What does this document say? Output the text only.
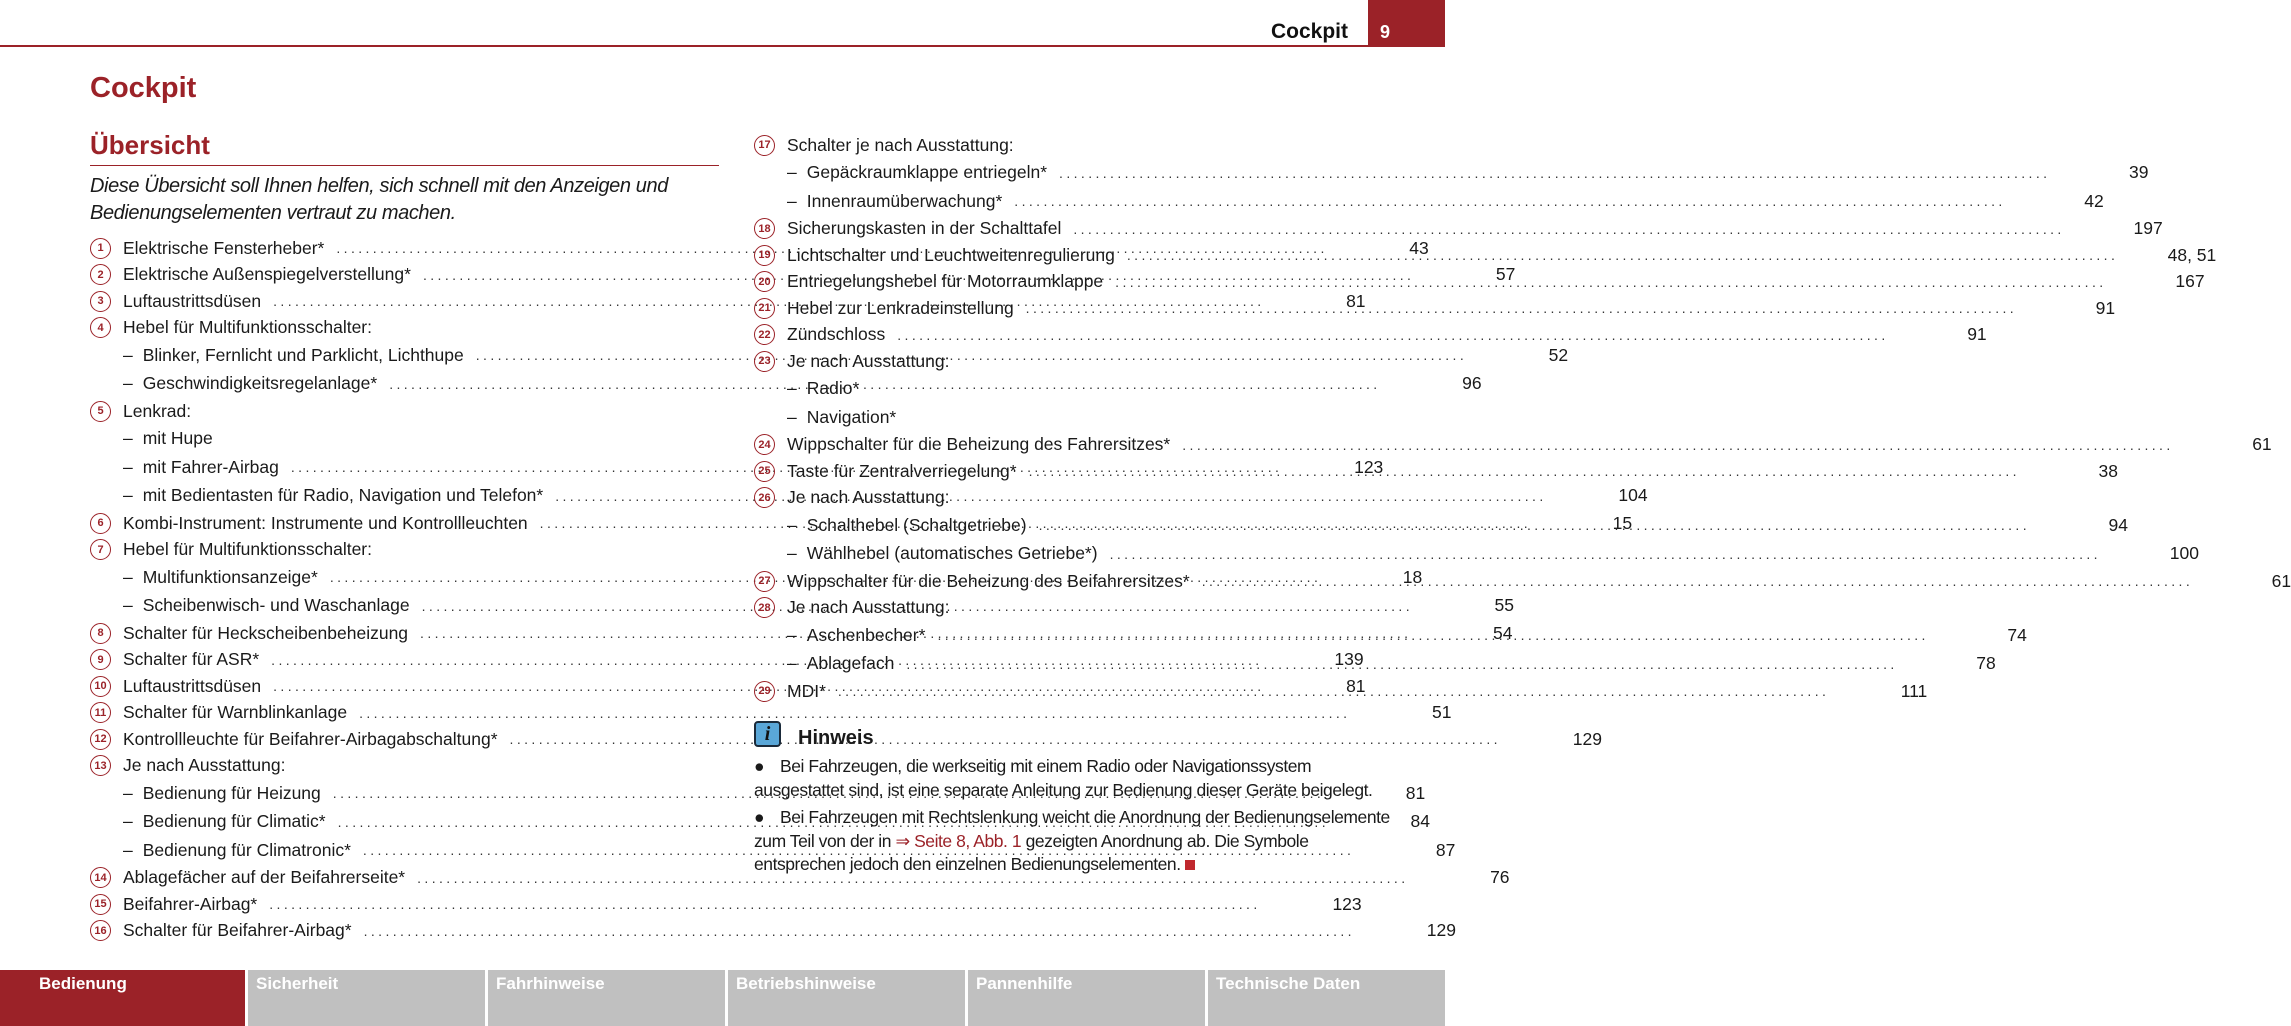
Cockpit 9
Cockpit
Übersicht
Diese Übersicht soll Ihnen helfen, sich schnell mit den Anzeigen und Bedienungselementen vertraut zu machen.
1	Elektrische Fensterheber* .....	43
2	Elektrische Außenspiegelverstellung* .....	57
3	Luftaustrittsdüsen .....	81
4	Hebel für Multifunktionsschalter:
– Blinker, Fernlicht und Parklicht, Lichthupe .....	52
– Geschwindigkeitsregelanlage* .....	96
5	Lenkrad:
– mit Hupe
– mit Fahrer-Airbag .....	123
– mit Bedientasten für Radio, Navigation und Telefon* .....	104
6	Kombi-Instrument: Instrumente und Kontrollleuchten .....	15
7	Hebel für Multifunktionsschalter:
– Multifunktionsanzeige* .....	18
– Scheibenwisch- und Waschanlage .....	55
8	Schalter für Heckscheibenbeheizung .....	54
9	Schalter für ASR* .....	139
10 Luftaustrittsdüsen .....	81
11 Schalter für Warnblinkanlage .....	51
12 Kontrollleuchte für Beifahrer-Airbagabschaltung* .....	129
13 Je nach Ausstattung:
– Bedienung für Heizung .....	81
– Bedienung für Climatic* .....	84
– Bedienung für Climatronic* .....	87
14 Ablagefächer auf der Beifahrerseite* .....	76
15 Beifahrer-Airbag* .....	123
16 Schalter für Beifahrer-Airbag* .....	129
17 Schalter je nach Ausstattung:
– Gepäckraumklappe entriegeln* .....	39
– Innenraumüberwachung* .....	42
18 Sicherungskasten in der Schalttafel .....	197
19 Lichtschalter und Leuchtweitenregulierung .....	48, 51
20 Entriegelungshebel für Motorraumklappe .....	167
21 Hebel zur Lenkradeinstellung .....	91
22 Zündschloss .....	91
23 Je nach Ausstattung:
– Radio*
– Navigation*
24 Wippschalter für die Beheizung des Fahrersitzes* .....	61
25 Taste für Zentralverriegelung* .....	38
26 Je nach Ausstattung:
– Schalthebel (Schaltgetriebe) .....	94
– Wählhebel (automatisches Getriebe*) .....	100
27 Wippschalter für die Beheizung des Beifahrersitzes* .....	61
28 Je nach Ausstattung:
– Aschenbecher* .....	74
– Ablagefach .....	78
29 MDI* .....	111
i	Hinweis
● Bei Fahrzeugen, die werkseitig mit einem Radio oder Navigationssystem ausgestattet sind, ist eine separate Anleitung zur Bedienung dieser Geräte beigelegt.
● Bei Fahrzeugen mit Rechtslenkung weicht die Anordnung der Bedienungselemente zum Teil von der in ⇒ Seite 8, Abb. 1 gezeigten Anordnung ab. Die Symbole entsprechen jedoch den einzelnen Bedienungselementen.
Bedienung	Sicherheit	Fahrhinweise	Betriebshinweise	Pannenhilfe	Technische Daten
